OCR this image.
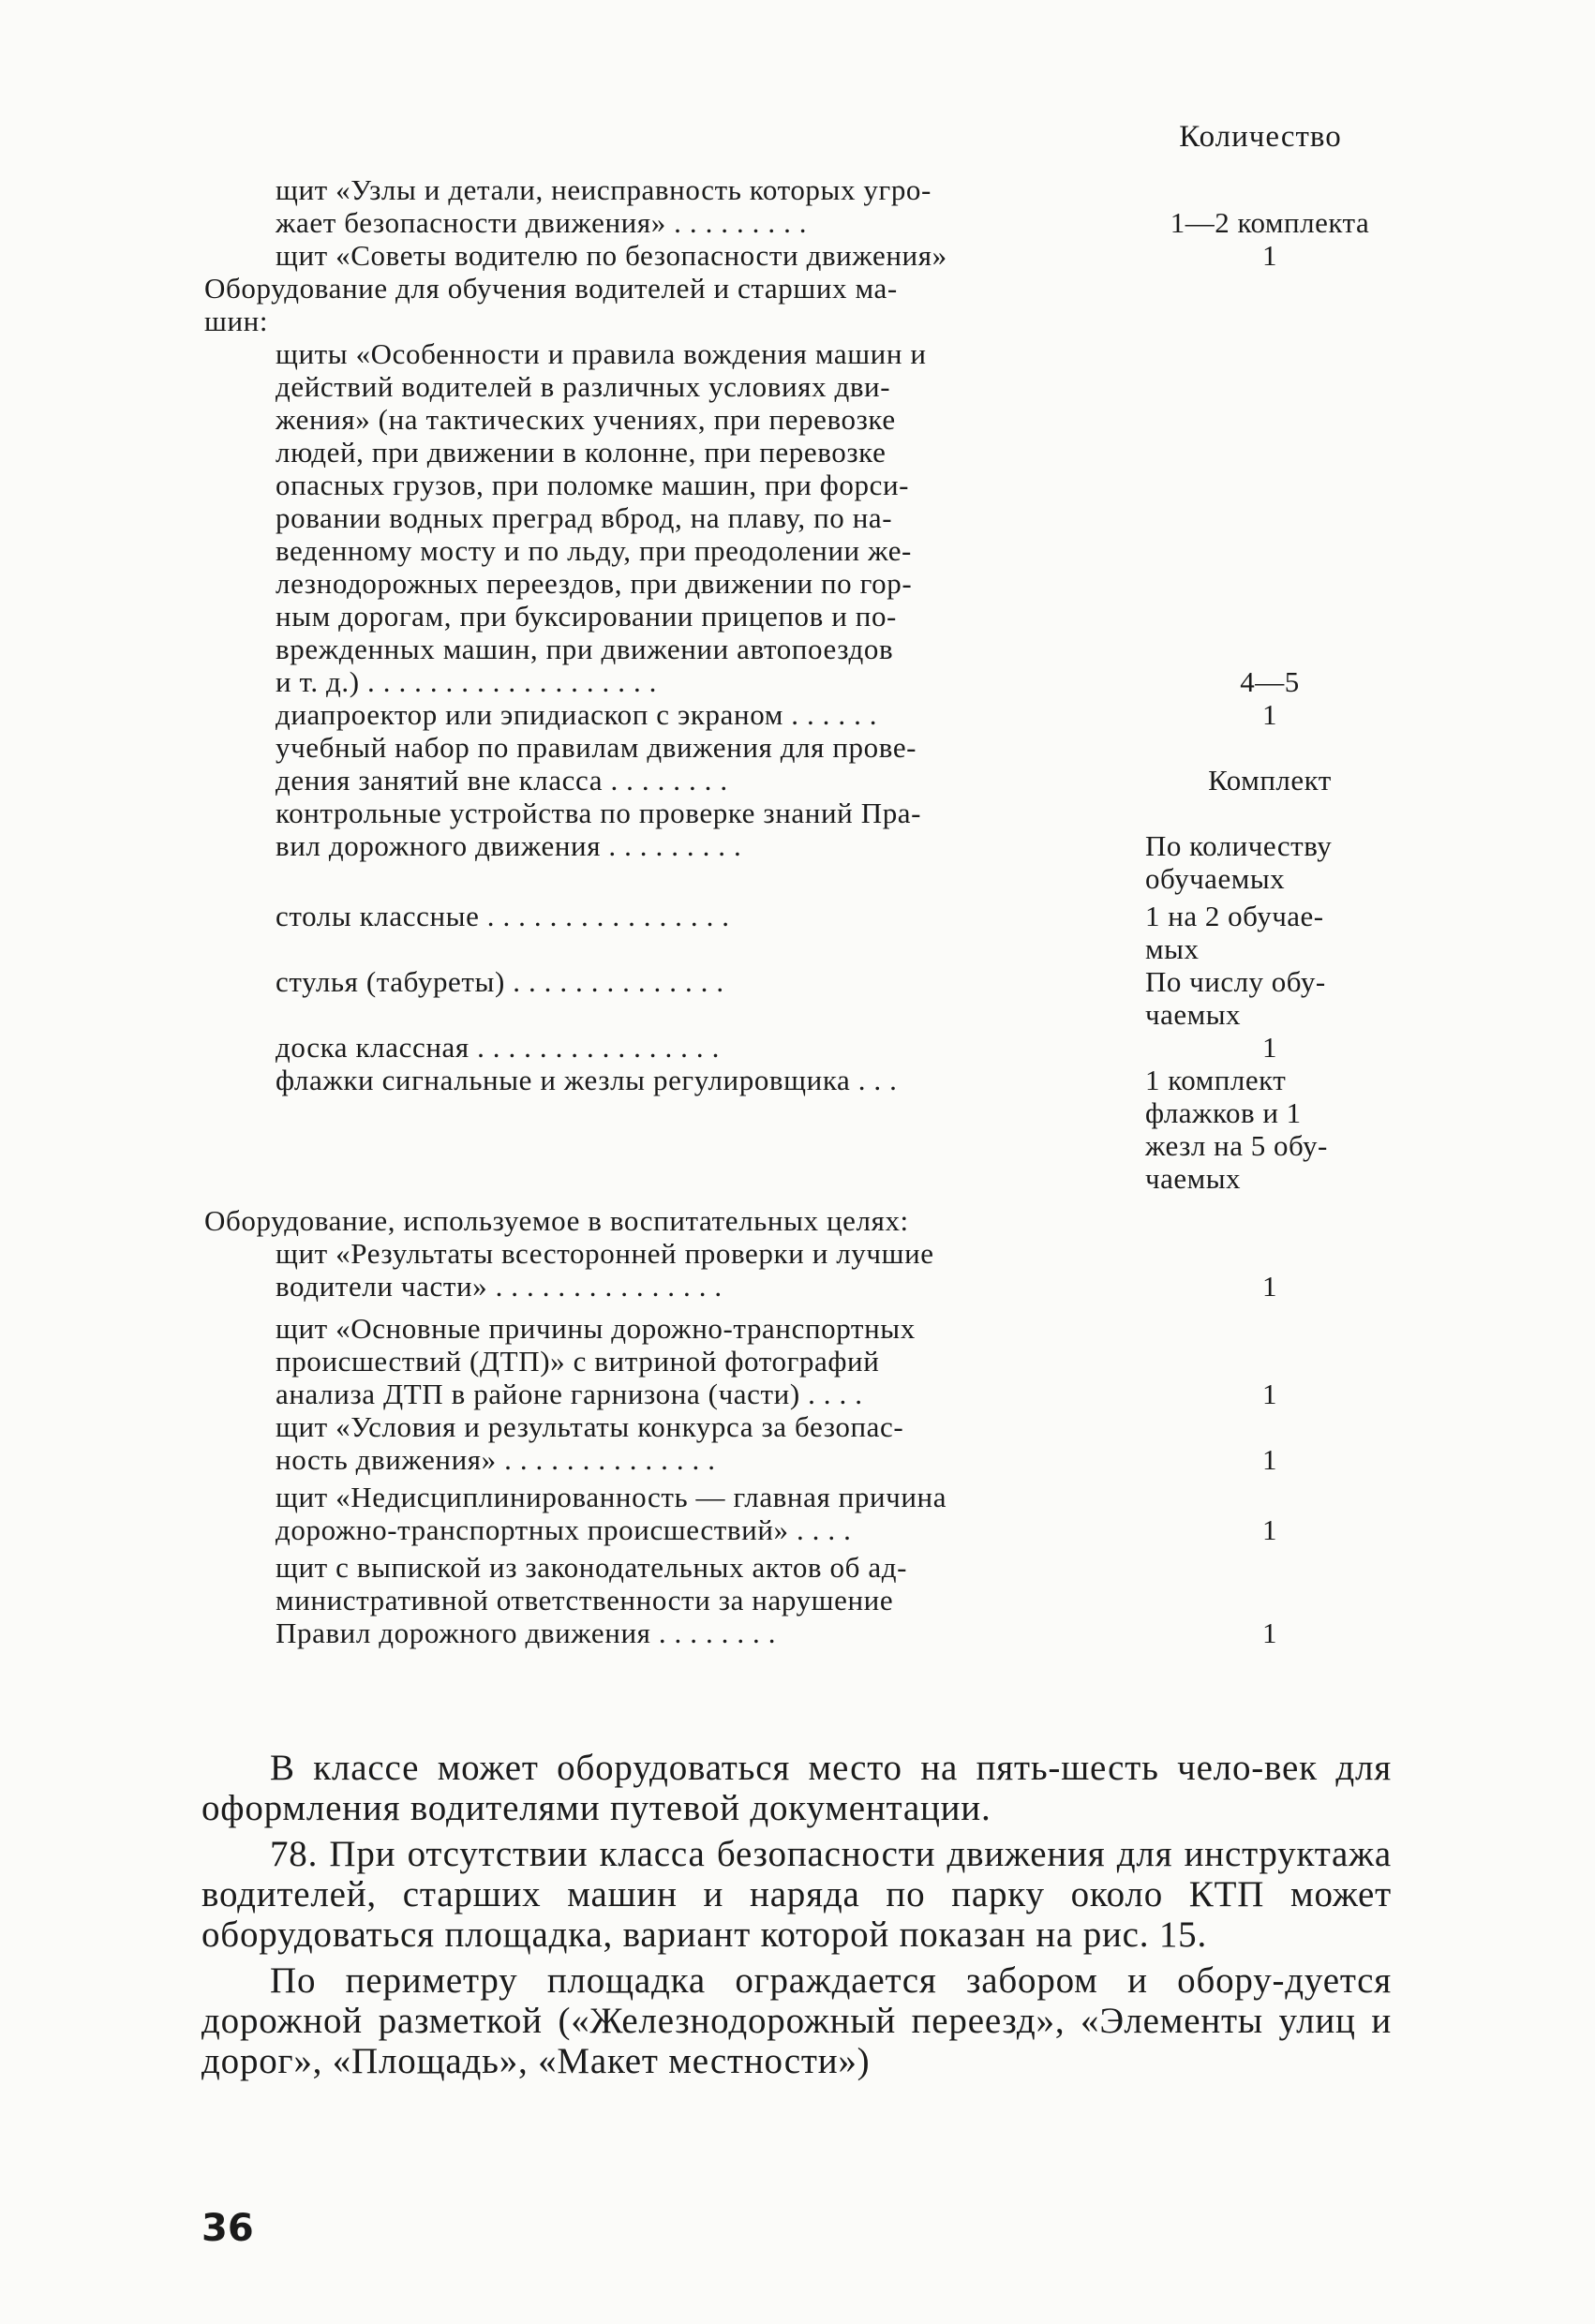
Количество
щит «Узлы и детали, неисправность которых угро-
жает безопасности движения» . . . . . . . . .	1—2 комплекта
щит «Советы водителю по безопасности движения»	1
Оборудование для обучения водителей и старших ма-
шин:
щиты «Особенности и правила вождения машин и
действий водителей в различных условиях дви-
жения» (на тактических учениях, при перевозке
людей, при движении в колонне, при перевозке
опасных грузов, при поломке машин, при форси-
ровании водных преград вброд, на плаву, по на-
веденному мосту и по льду, при преодолении же-
лезнодорожных переездов, при движении по гор-
ным дорогам, при буксировании прицепов и по-
врежденных машин, при движении автопоездов
и т. д.) . . . . . . . . . . . . . . . . . . .	4—5
диапроектор или эпидиаскоп с экраном . . . . . .	1
учебный набор по правилам движения для прове-
дения занятий вне класса . . . . . . . .	Комплект
контрольные устройства по проверке знаний Пра-
вил дорожного движения . . . . . . . . .	По количеству
обучаемых
столы классные . . . . . . . . . . . . . . . .	1 на 2 обучае-
мых
стулья (табуреты) . . . . . . . . . . . . . .	По числу обу-
чаемых
доска классная . . . . . . . . . . . . . . . .	1
флажки сигнальные и жезлы регулировщика . . .	1 комплект
флажков и 1
жезл на 5 обу-
чаемых
Оборудование, используемое в воспитательных целях:
щит «Результаты всесторонней проверки и лучшие
водители части» . . . . . . . . . . . . . . .	1
щит «Основные причины дорожно-транспортных
происшествий (ДТП)» с витриной фотографий
анализа ДТП в районе гарнизона (части) . . . .	1
щит «Условия и результаты конкурса за безопас-
ность движения» . . . . . . . . . . . . . .	1
щит «Недисциплинированность — главная причина
дорожно-транспортных происшествий» . . . .	1
щит с выпиской из законодательных актов об ад-
министративной ответственности за нарушение
Правил дорожного движения . . . . . . . .	1

В классе может оборудоваться место на пять-шесть чело-век для оформления водителями путевой документации.

78. При отсутствии класса безопасности движения для инструктажа водителей, старших машин и наряда по парку около КТП может оборудоваться площадка, вариант которой показан на рис. 15.

По периметру площадка ограждается забором и обору-дуется дорожной разметкой («Железнодорожный переезд», «Элементы улиц и дорог», «Площадь», «Макет местности»)

36
